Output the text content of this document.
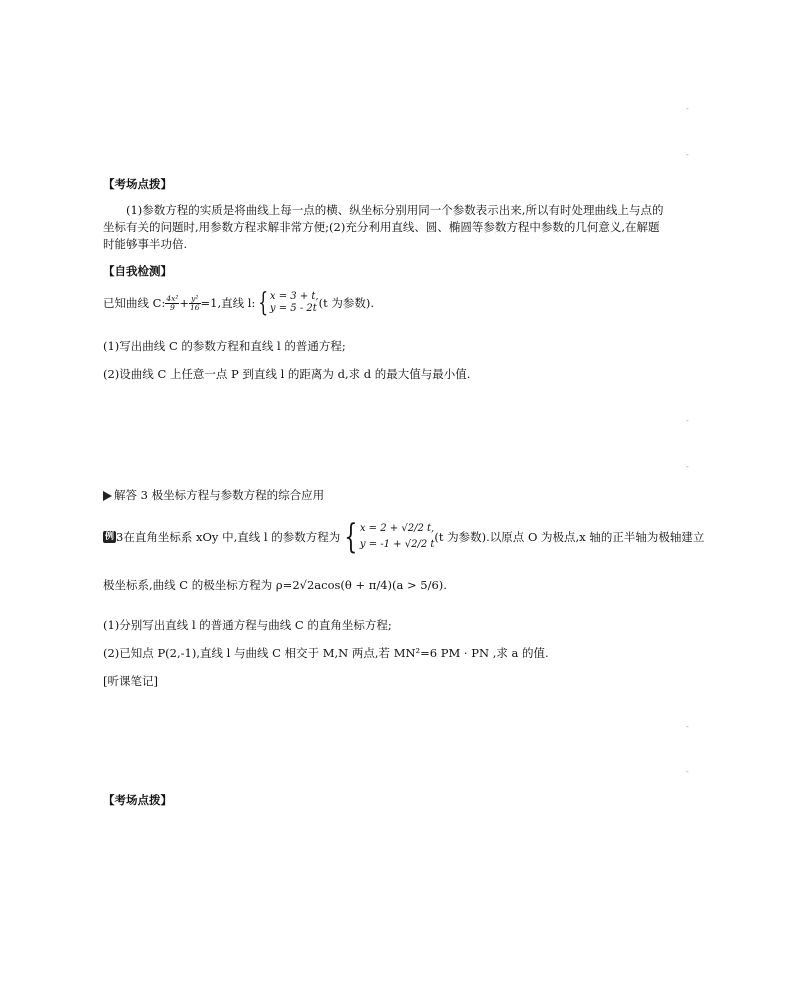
-
-
-
-
-
-
【考场点拨】
(1)参数方程的实质是将曲线上每一点的横、纵坐标分别用同一个参数表示出来,所以有时处理曲线上与点的
坐标有关的问题时,用参数方程求解非常方便;(2)充分利用直线、圆、椭圆等参数方程中参数的几何意义,在解题
时能够事半功倍.
【自我检测】
已知曲线 C: $\frac{\text{4x²}}{9} + \frac{\text{y²}}{16} =1$,直线 l: { x = 3 + t,
y = 5 - 2t (t 为参数).
(1)写出曲线 C 的参数方程和直线 l 的普通方程;
(2)设曲线 C 上任意一点 P 到直线 l 的距离为 d,求 d 的最大值与最小值.
解答 3 极坐标方程与参数方程的综合应用
例 3 在直角坐标系 xOy 中,直线 l 的参数方程为 { x = 2 + √2/2 t,
y = -1 + √2/2 t
(t 为参数).以原点 O 为极点,x 轴的正半轴为极轴建立
极坐标系,曲线 C 的极坐标方程为 ρ=2√2acos(θ + π/4)(a > 5/6).
(1)分别写出直线 l 的普通方程与曲线 C 的直角坐标方程;
(2)已知点 P(2,-1),直线 l 与曲线 C 相交于 M,N 两点,若 MN²=6 PM · PN ,求 a 的值.
[听课笔记]
【考场点拨】
